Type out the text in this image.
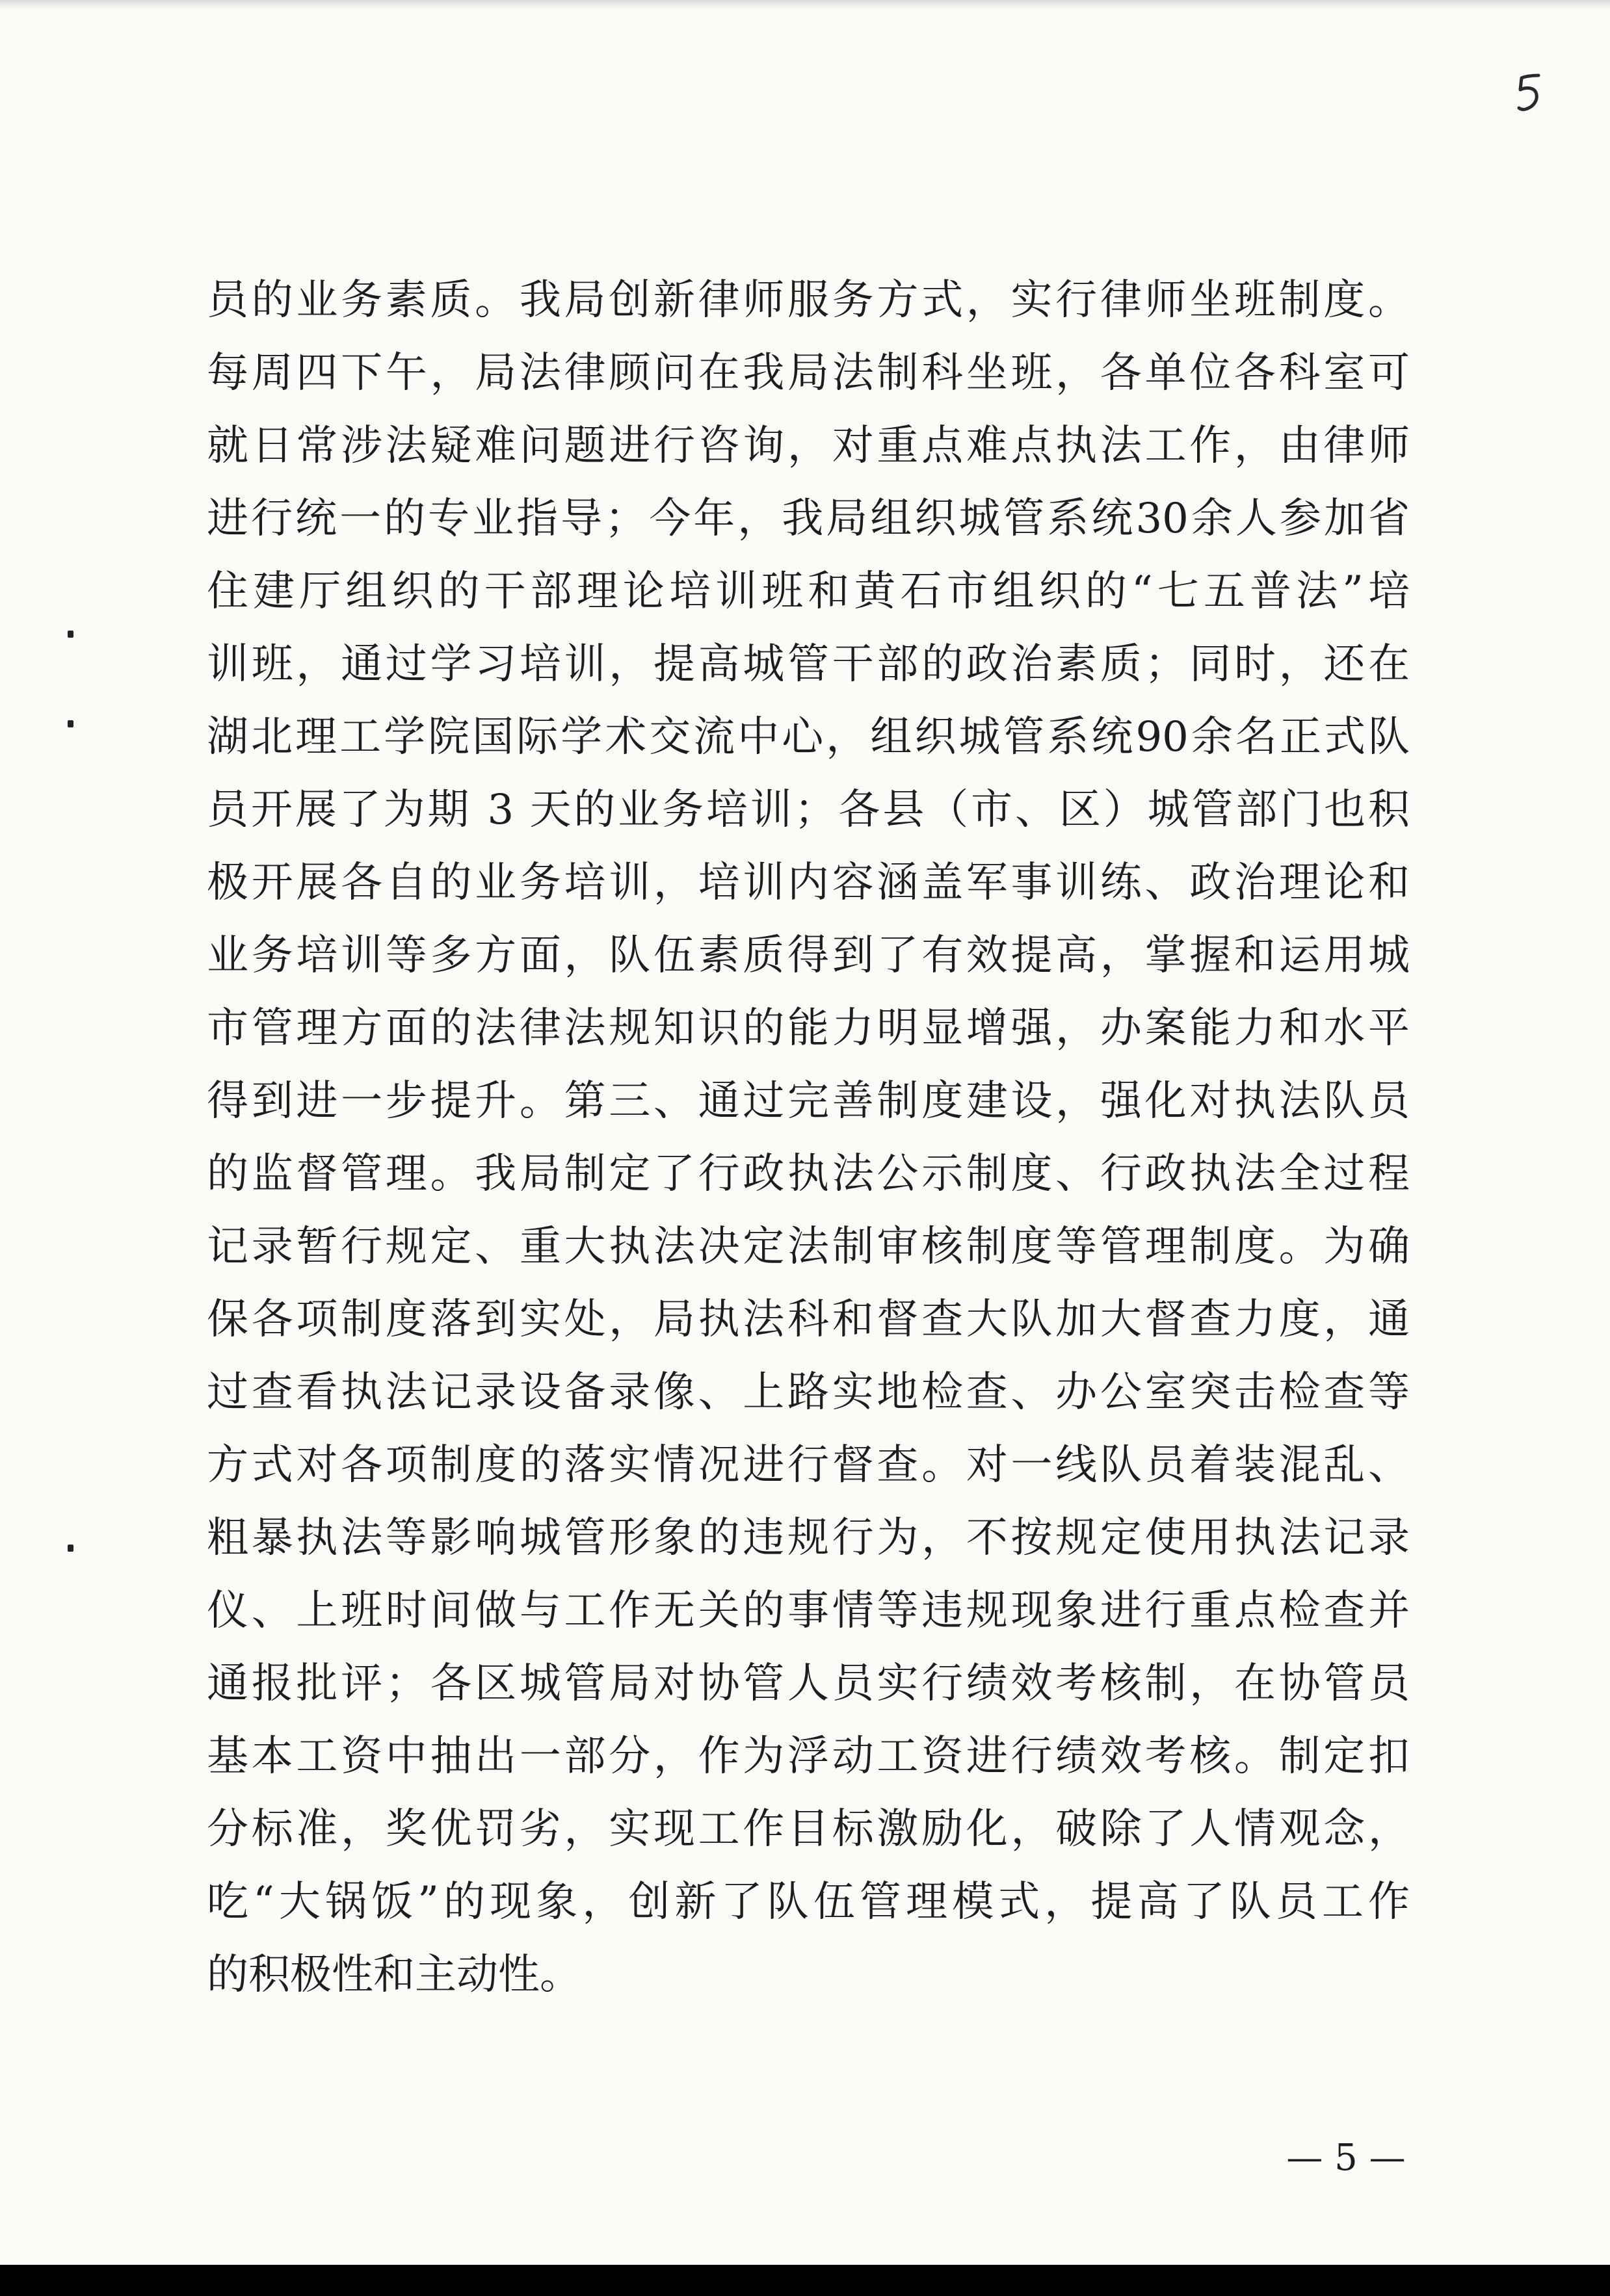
员的业务素质。我局创新律师服务方式，实行律师坐班制度。
每周四下午，局法律顾问在我局法制科坐班，各单位各科室可
就日常涉法疑难问题进行咨询，对重点难点执法工作，由律师
进行统一的专业指导；今年，我局组织城管系统30余人参加省
住建厅组织的干部理论培训班和黄石市组织的“七五普法”培
训班，通过学习培训，提高城管干部的政治素质；同时，还在
湖北理工学院国际学术交流中心，组织城管系统90余名正式队
员开展了为期 3 天的业务培训；各县（市、区）城管部门也积
极开展各自的业务培训，培训内容涵盖军事训练、政治理论和
业务培训等多方面，队伍素质得到了有效提高，掌握和运用城
市管理方面的法律法规知识的能力明显增强，办案能力和水平
得到进一步提升。第三、通过完善制度建设，强化对执法队员
的监督管理。我局制定了行政执法公示制度、行政执法全过程
记录暂行规定、重大执法决定法制审核制度等管理制度。为确
保各项制度落到实处，局执法科和督查大队加大督查力度，通
过查看执法记录设备录像、上路实地检查、办公室突击检查等
方式对各项制度的落实情况进行督查。对一线队员着装混乱、
粗暴执法等影响城管形象的违规行为，不按规定使用执法记录
仪、上班时间做与工作无关的事情等违规现象进行重点检查并
通报批评；各区城管局对协管人员实行绩效考核制，在协管员
基本工资中抽出一部分，作为浮动工资进行绩效考核。制定扣
分标准，奖优罚劣，实现工作目标激励化，破除了人情观念，
吃“大锅饭”的现象，创新了队伍管理模式，提高了队员工作
的积极性和主动性。
— 5 —
